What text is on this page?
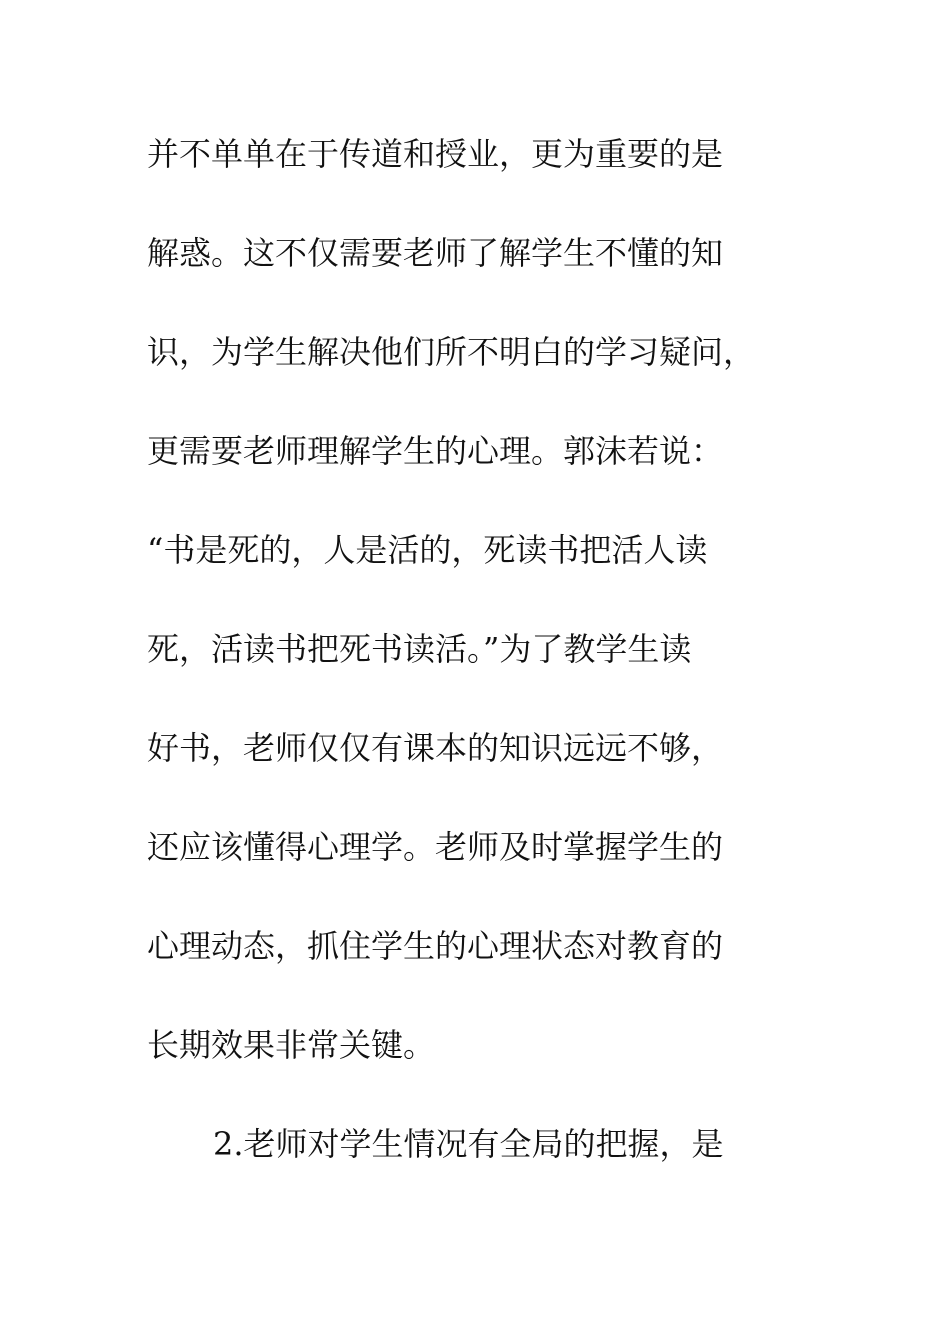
并不单单在于传道和授业，更为重要的是
解惑。这不仅需要老师了解学生不懂的知
识，为学生解决他们所不明白的学习疑问，
更需要老师理解学生的心理。郭沫若说：
“书是死的，人是活的，死读书把活人读
死，活读书把死书读活。”为了教学生读
好书，老师仅仅有课本的知识远远不够，
还应该懂得心理学。老师及时掌握学生的
心理动态，抓住学生的心理状态对教育的
长期效果非常关键。
2.老师对学生情况有全局的把握，是
